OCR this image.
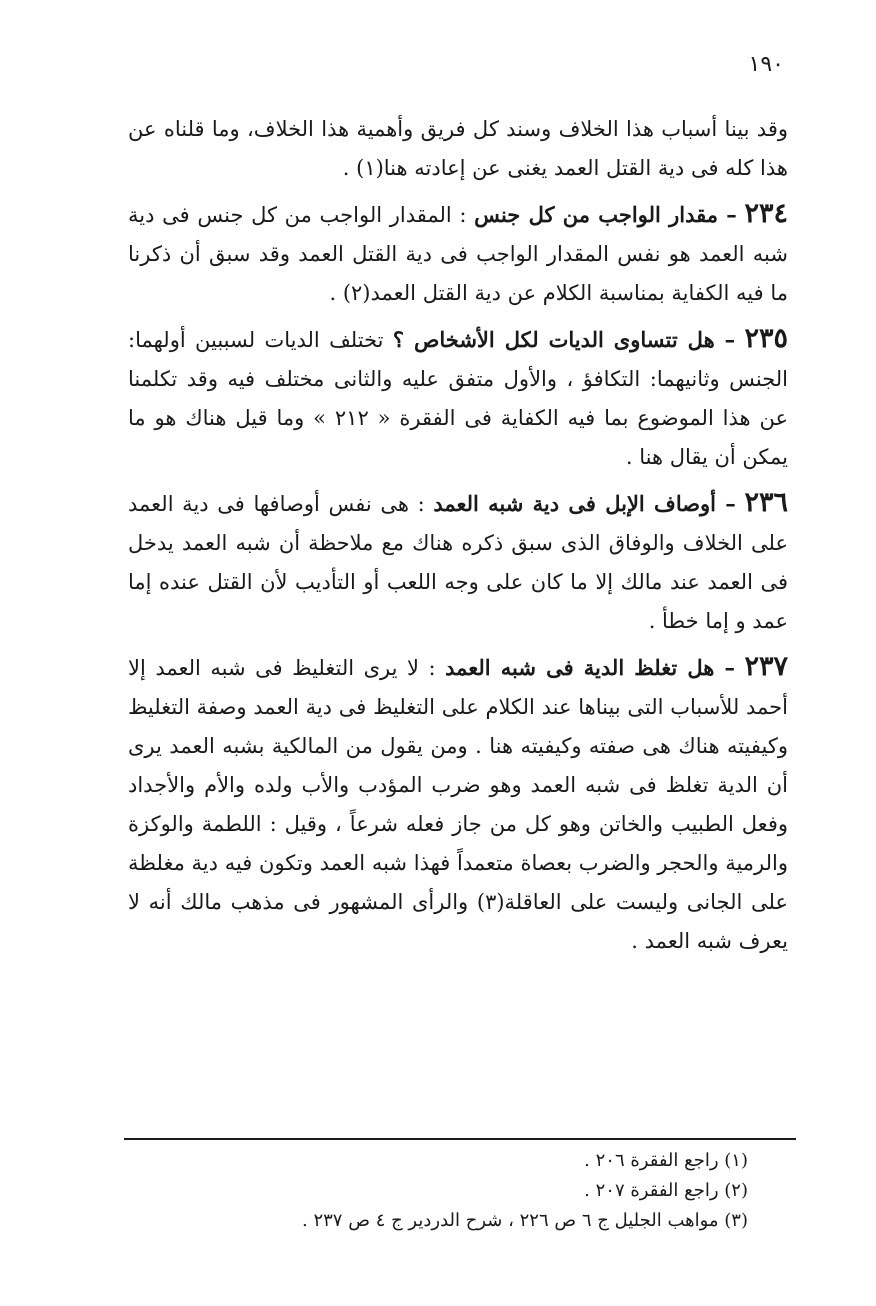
١٩٠

وقد بينا أسباب هذا الخلاف وسند كل فريق وأهمية هذا الخلاف، وما قلناه عن هذا كله فى دية القتل العمد يغنى عن إعادته هنا(١) .

٢٣٤ – مقدار الواجب من كل جنس : المقدار الواجب من كل جنس فى دية شبه العمد هو نفس المقدار الواجب فى دية القتل العمد وقد سبق أن ذكرنا ما فيه الكفاية بمناسبة الكلام عن دية القتل العمد(٢) .

٢٣٥ – هل تتساوى الديات لكل الأشخاص ؟ تختلف الديات لسببين أولهما: الجنس وثانيهما: التكافؤ ، والأول متفق عليه والثانى مختلف فيه وقد تكلمنا عن هذا الموضوع بما فيه الكفاية فى الفقرة « ٢١٢ » وما قيل هناك هو ما يمكن أن يقال هنا .

٢٣٦ – أوصاف الإبل فى دية شبه العمد : هى نفس أوصافها فى دية العمد على الخلاف والوفاق الذى سبق ذكره هناك مع ملاحظة أن شبه العمد يدخل فى العمد عند مالك إلا ما كان على وجه اللعب أو التأديب لأن القتل عنده إما عمد و إما خطأ .

٢٣٧ – هل تغلظ الدية فى شبه العمد : لا يرى التغليظ فى شبه العمد إلا أحمد للأسباب التى بيناها عند الكلام على التغليظ فى دية العمد وصفة التغليظ وكيفيته هناك هى صفته وكيفيته هنا . ومن يقول من المالكية بشبه العمد يرى أن الدية تغلظ فى شبه العمد وهو ضرب المؤدب والأب ولده والأم والأجداد وفعل الطبيب والخاتن وهو كل من جاز فعله شرعاً ، وقيل : اللطمة والوكزة والرمية والحجر والضرب بعصاة متعمداً فهذا شبه العمد وتكون فيه دية مغلظة على الجانى وليست على العاقلة(٣) والرأى المشهور فى مذهب مالك أنه لا يعرف شبه العمد .

(١) راجع الفقرة ٢٠٦ .
(٢) راجع الفقرة ٢٠٧ .
(٣) مواهب الجليل ج ٦ ص ٢٢٦ ، شرح الدردير ج ٤ ص ٢٣٧ .
